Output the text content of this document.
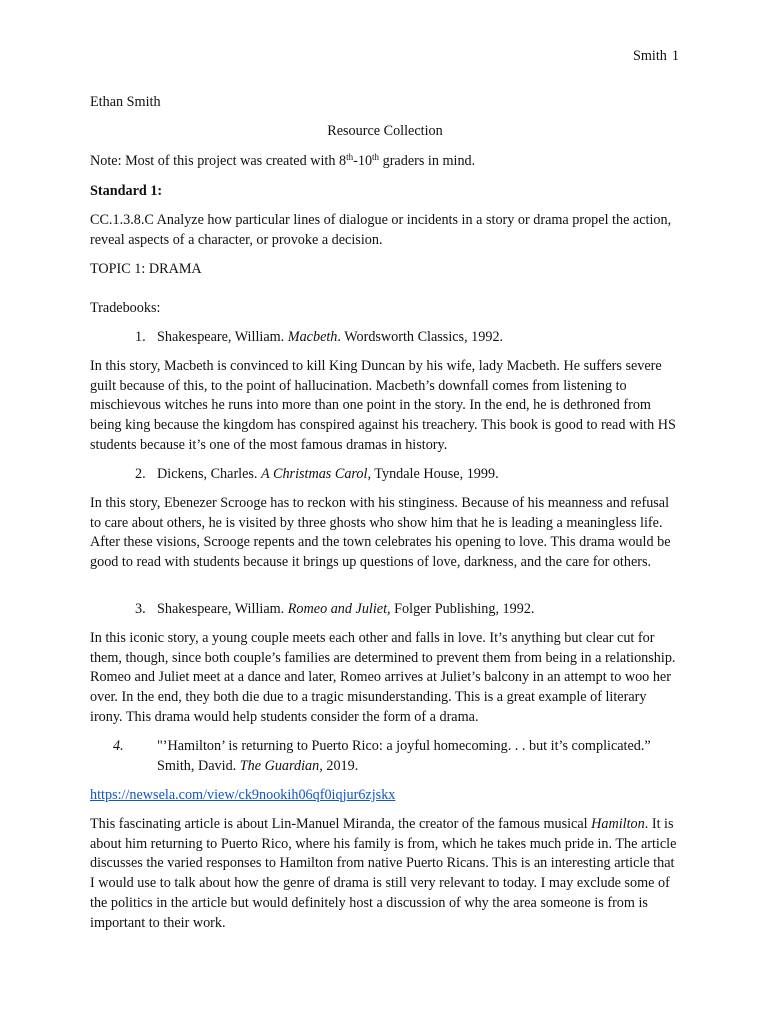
Smith 1

Ethan Smith

Resource Collection

Note: Most of this project was created with 8th-10th graders in mind.

Standard 1:

CC.1.3.8.C Analyze how particular lines of dialogue or incidents in a story or drama propel the action, reveal aspects of a character, or provoke a decision.

TOPIC 1: DRAMA

Tradebooks:

1. Shakespeare, William. Macbeth. Wordsworth Classics, 1992.

In this story, Macbeth is convinced to kill King Duncan by his wife, lady Macbeth. He suffers severe guilt because of this, to the point of hallucination. Macbeth’s downfall comes from listening to mischievous witches he runs into more than one point in the story. In the end, he is dethroned from being king because the kingdom has conspired against his treachery. This book is good to read with HS students because it’s one of the most famous dramas in history.

2. Dickens, Charles. A Christmas Carol, Tyndale House, 1999.

In this story, Ebenezer Scrooge has to reckon with his stinginess. Because of his meanness and refusal to care about others, he is visited by three ghosts who show him that he is leading a meaningless life. After these visions, Scrooge repents and the town celebrates his opening to love. This drama would be good to read with students because it brings up questions of love, darkness, and the care for others.

3. Shakespeare, William. Romeo and Juliet, Folger Publishing, 1992.

In this iconic story, a young couple meets each other and falls in love. It’s anything but clear cut for them, though, since both couple’s families are determined to prevent them from being in a relationship. Romeo and Juliet meet at a dance and later, Romeo arrives at Juliet’s balcony in an attempt to woo her over. In the end, they both die due to a tragic misunderstanding. This is a great example of literary irony. This drama would help students consider the form of a drama.

4. "’Hamilton’ is returning to Puerto Rico: a joyful homecoming. . . but it’s complicated.”

Smith, David. The Guardian, 2019.

https://newsela.com/view/ck9nookih06qf0iqjur6zjskx

This fascinating article is about Lin-Manuel Miranda, the creator of the famous musical Hamilton. It is about him returning to Puerto Rico, where his family is from, which he takes much pride in. The article discusses the varied responses to Hamilton from native Puerto Ricans. This is an interesting article that I would use to talk about how the genre of drama is still very relevant to today. I may exclude some of the politics in the article but would definitely host a discussion of why the area someone is from is important to their work.
